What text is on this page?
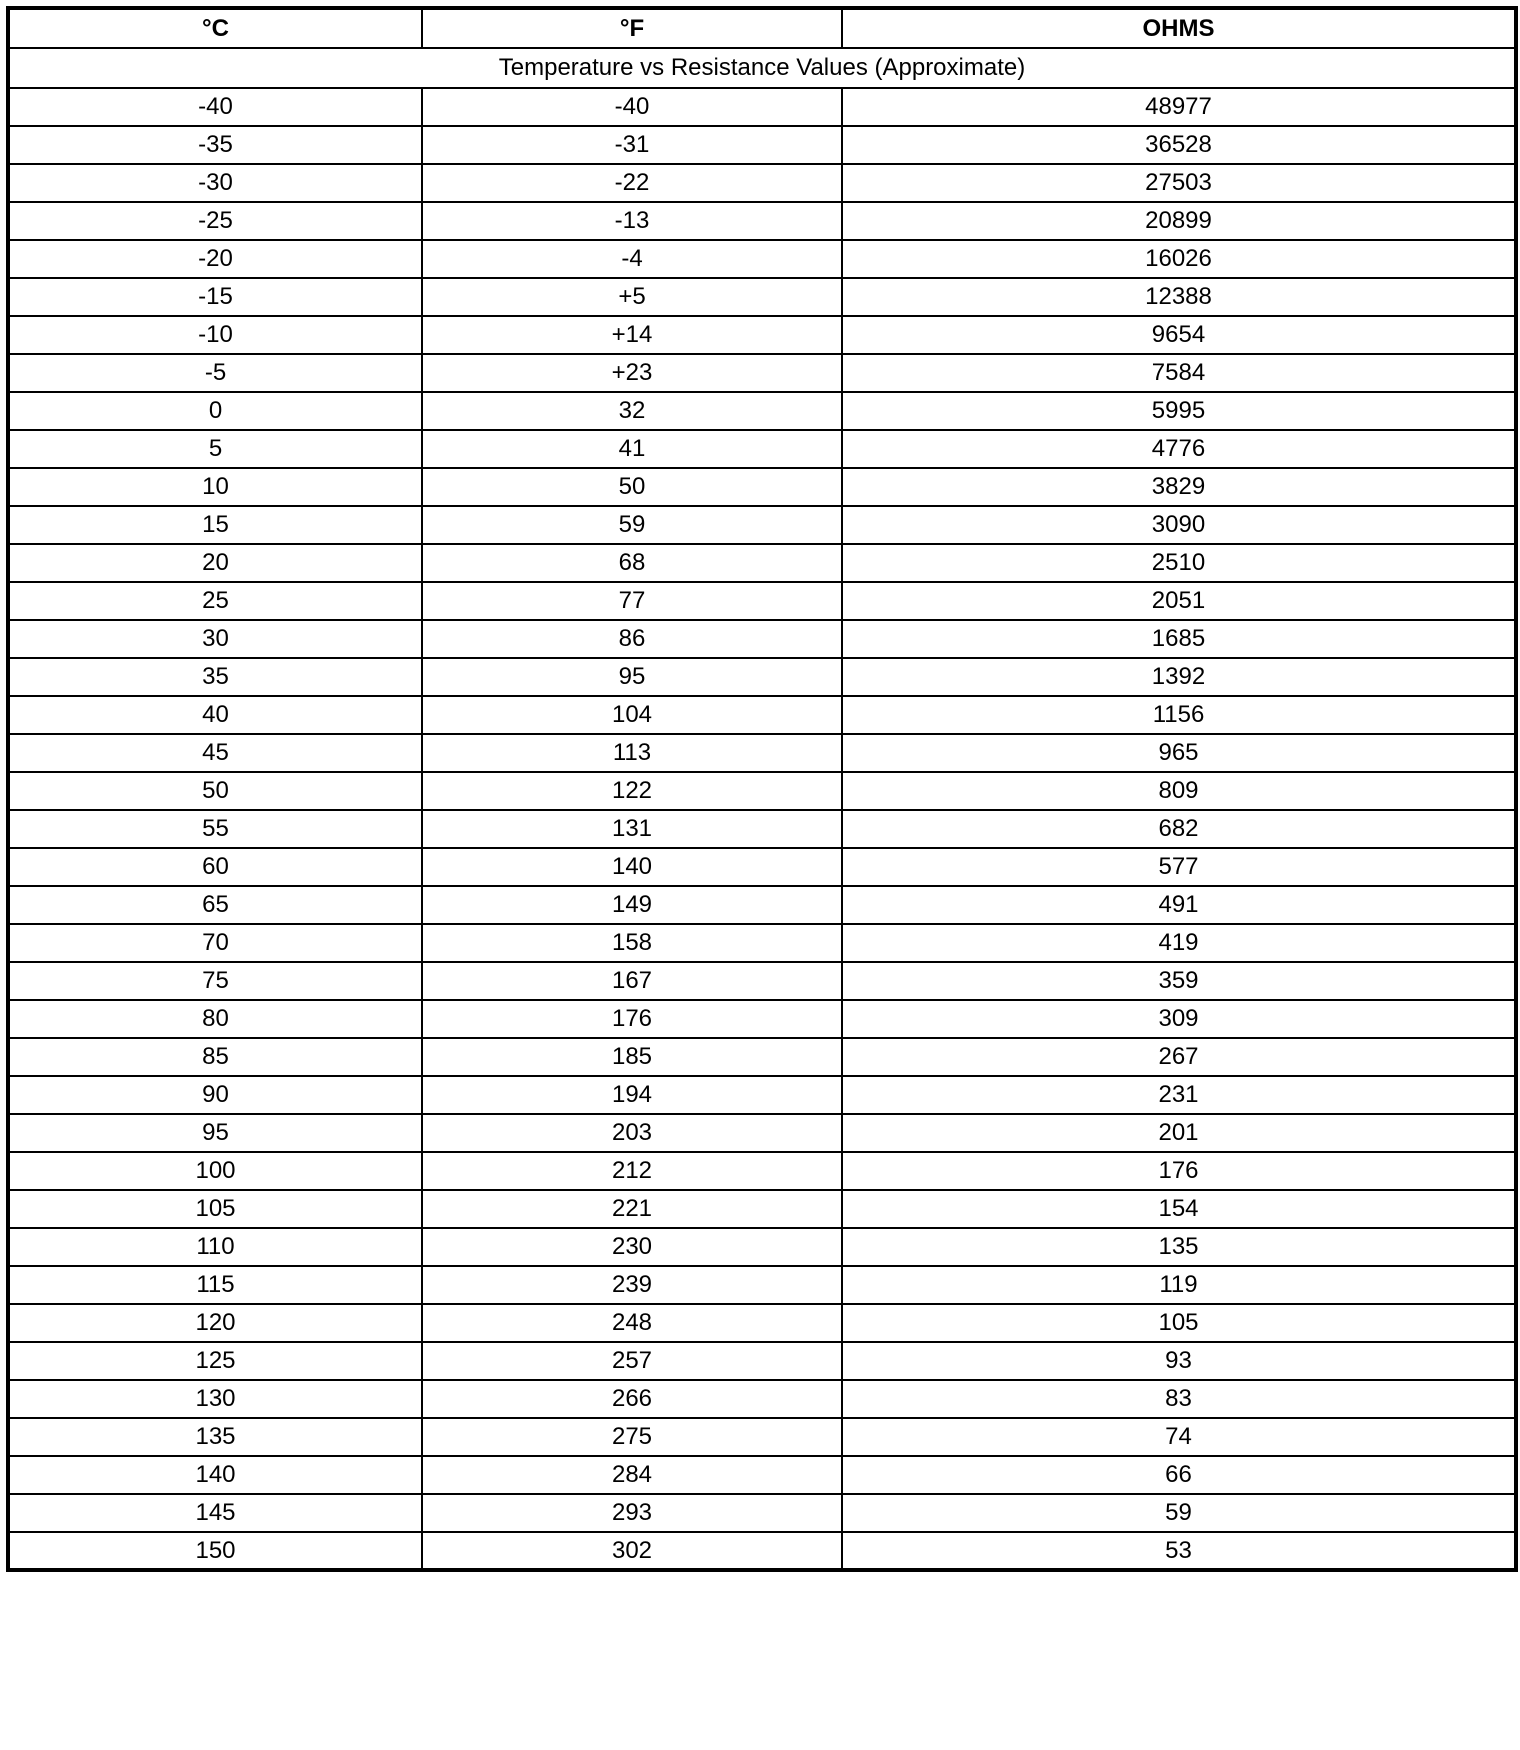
°C	°F	OHMS
Temperature vs Resistance Values (Approximate)		
-40	-40	48977
-35	-31	36528
-30	-22	27503
-25	-13	20899
-20	-4	16026
-15	+5	12388
-10	+14	9654
-5	+23	7584
0	32	5995
5	41	4776
10	50	3829
15	59	3090
20	68	2510
25	77	2051
30	86	1685
35	95	1392
40	104	1156
45	113	965
50	122	809
55	131	682
60	140	577
65	149	491
70	158	419
75	167	359
80	176	309
85	185	267
90	194	231
95	203	201
100	212	176
105	221	154
110	230	135
115	239	119
120	248	105
125	257	93
130	266	83
135	275	74
140	284	66
145	293	59
150	302	53
